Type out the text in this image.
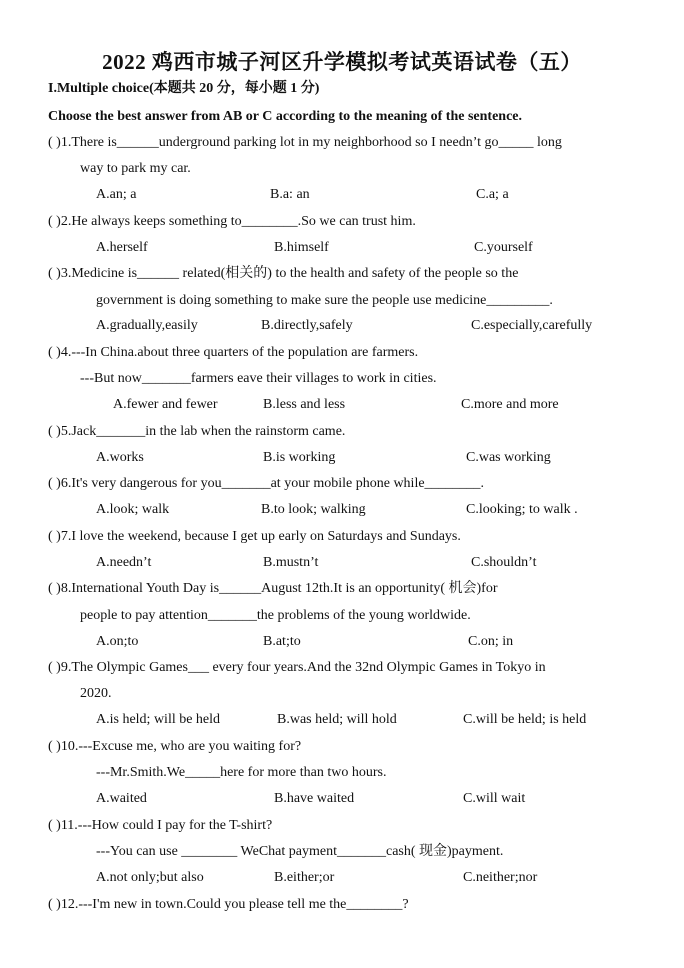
2022 鸡西市城子河区升学模拟考试英语试卷（五）
I.Multiple choice(本题共 20 分，每小题 1 分)
Choose the best answer from AB or C according to the meaning of the sentence.
( )1.There is______underground parking lot in my neighborhood so I needn’t go_____ long
way to park my car.
A.an; a	B.a: an	C.a; a
( )2.He always keeps something to________.So we can trust him.
A.herself	B.himself	C.yourself
( )3.Medicine is______ related(相关的) to the health and safety of the people so the
government is doing something to make sure the people use medicine_________.
A.gradually,easily	B.directly,safely	C.especially,carefully
( )4.---In China.about three quarters of the population are farmers.
---But now_______farmers eave their villages to work in cities.
A.fewer and fewer	B.less and less	C.more and more
( )5.Jack_______in the lab when the rainstorm came.
A.works	B.is working	C.was working
( )6.It's very dangerous for you_______at your mobile phone while________.
A.look; walk	B.to look; walking	C.looking; to walk .
( )7.I love the weekend, because I get up early on Saturdays and Sundays.
A.needn’t	B.mustn’t	C.shouldn’t
( )8.International Youth Day is______August 12th.It is an opportunity( 机会)for
people to pay attention_______the problems of the young worldwide.
A.on;to	B.at;to	C.on; in
( )9.The Olympic Games___ every four years.And the 32nd Olympic Games in Tokyo in
2020.
A.is held; will be held	B.was held; will hold	C.will be held; is held
( )10.---Excuse me, who are you waiting for?
---Mr.Smith.We_____here for more than two hours.
A.waited	B.have waited	C.will wait
( )11.---How could I pay for the T-shirt?
---You can use ________ WeChat payment_______cash( 现金)payment.
A.not only;but also	B.either;or	C.neither;nor
( )12.---I'm new in town.Could you please tell me the________?
